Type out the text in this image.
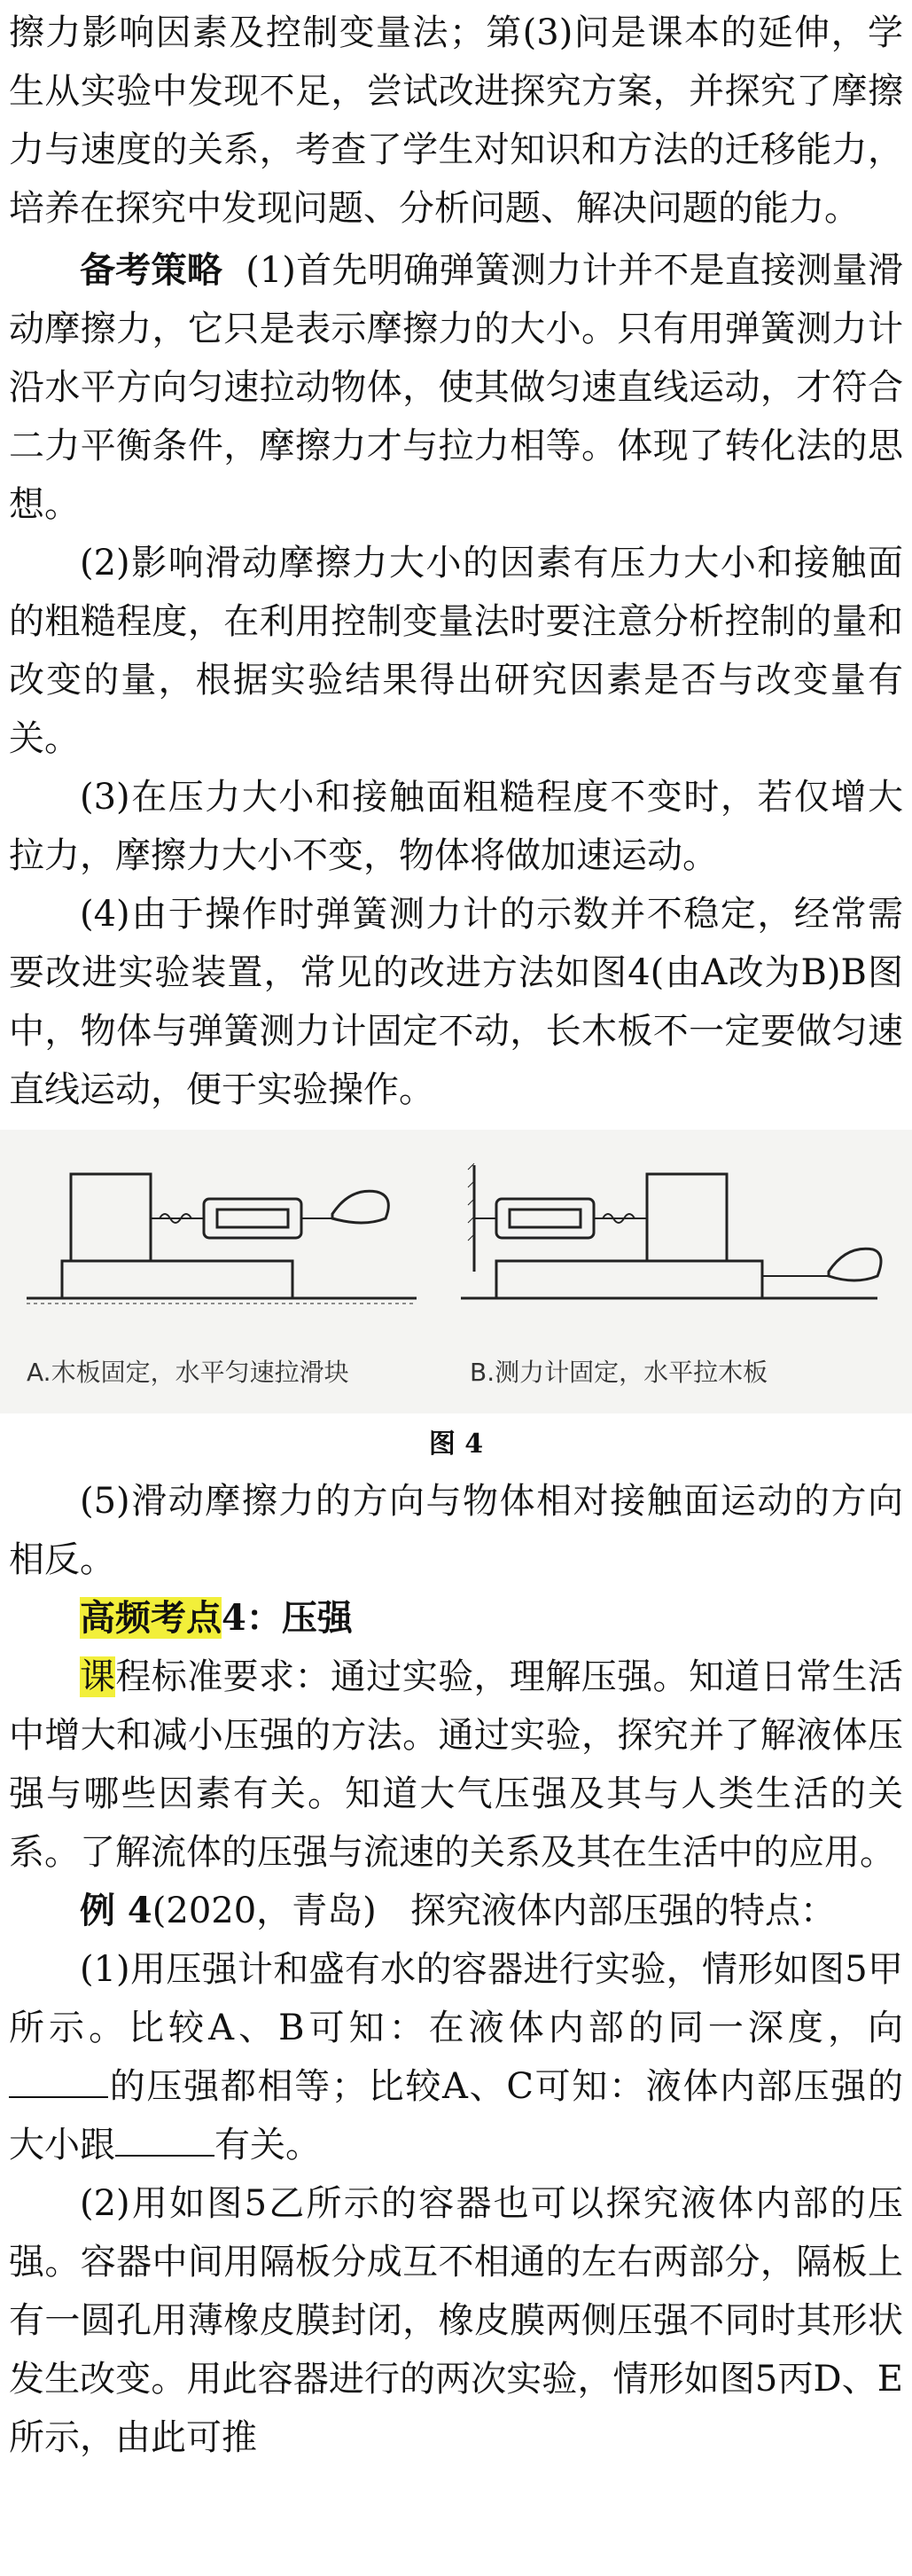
擦力影响因素及控制变量法；第(3)问是课本的延伸，学生从实验中发现不足，尝试改进探究方案，并探究了摩擦力与速度的关系，考查了学生对知识和方法的迁移能力，培养在探究中发现问题、分析问题、解决问题的能力。

备考策略 (1)首先明确弹簧测力计并不是直接测量滑动摩擦力，它只是表示摩擦力的大小。只有用弹簧测力计沿水平方向匀速拉动物体，使其做匀速直线运动，才符合二力平衡条件，摩擦力才与拉力相等。体现了转化法的思想。

(2)影响滑动摩擦力大小的因素有压力大小和接触面的粗糙程度，在利用控制变量法时要注意分析控制的量和改变的量，根据实验结果得出研究因素是否与改变量有关。

(3)在压力大小和接触面粗糙程度不变时，若仅增大拉力，摩擦力大小不变，物体将做加速运动。

(4)由于操作时弹簧测力计的示数并不稳定，经常需要改进实验装置，常见的改进方法如图4(由A改为B)B图中，物体与弹簧测力计固定不动，长木板不一定要做匀速直线运动，便于实验操作。

A.木板固定，水平匀速拉滑块	B.测力计固定，水平拉木板
图 4

(5)滑动摩擦力的方向与物体相对接触面运动的方向相反。

高频考点4：压强

课程标准要求：通过实验，理解压强。知道日常生活中增大和减小压强的方法。通过实验，探究并了解液体压强与哪些因素有关。知道大气压强及其与人类生活的关系。了解流体的压强与流速的关系及其在生活中的应用。

例 4(2020，青岛) 探究液体内部压强的特点：

(1)用压强计和盛有水的容器进行实验，情形如图5甲所示。比较A、B可知：在液体内部的同一深度，向的压强都相等；比较A、C可知：液体内部压强的大小跟	有关。

(2)用如图5乙所示的容器也可以探究液体内部的压强。容器中间用隔板分成互不相通的左右两部分，隔板上有一圆孔用薄橡皮膜封闭，橡皮膜两侧压强不同时其形状发生改变。用此容器进行的两次实验，情形如图5丙D、E所示，由此可推
